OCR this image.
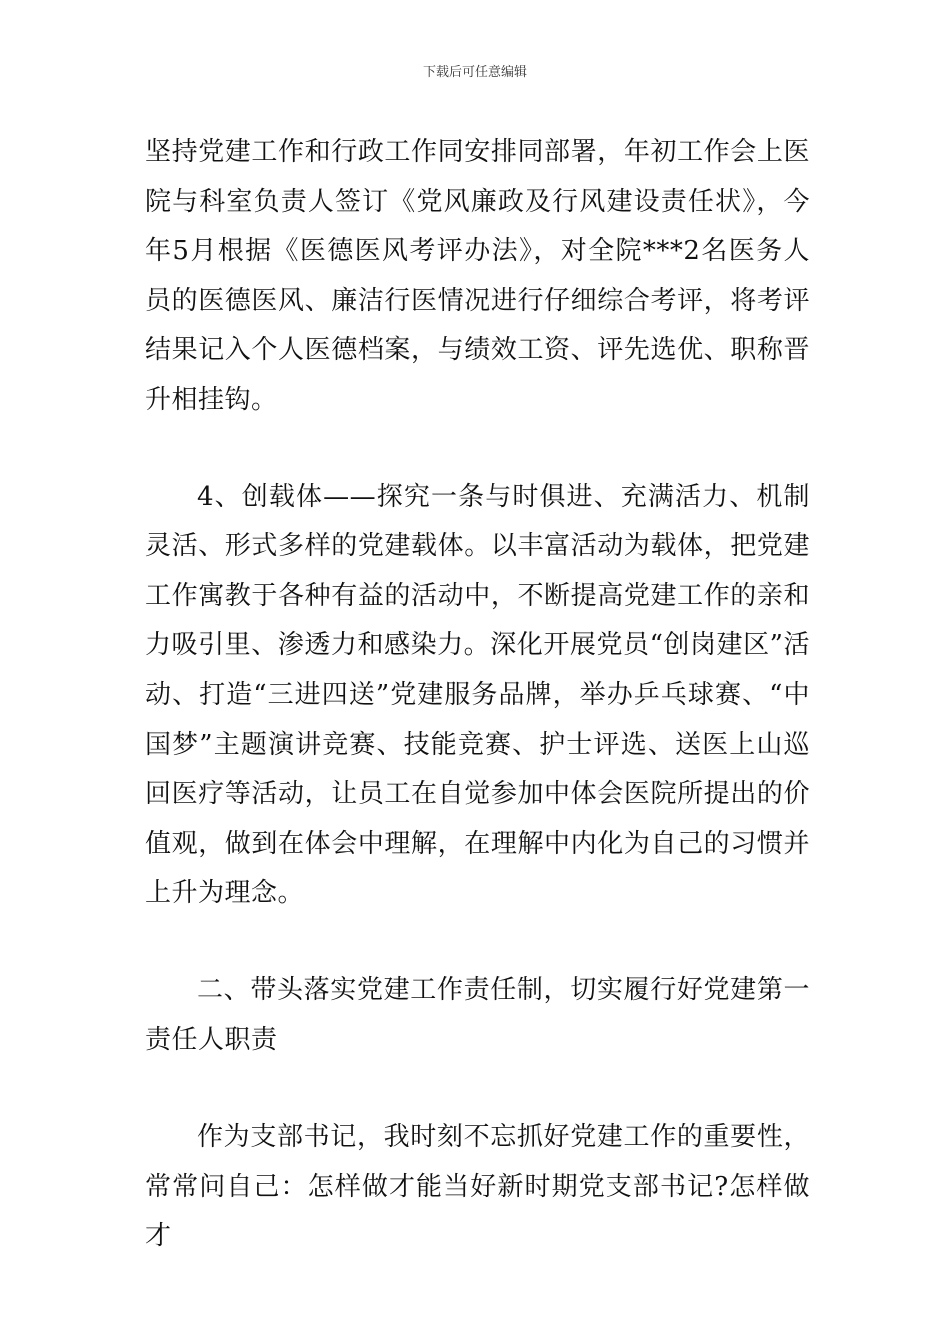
下载后可任意编辑

坚持党建工作和行政工作同安排同部署，年初工作会上医院与科室负责人签订《党风廉政及行风建设责任状》，今年5月根据《医德医风考评办法》，对全院***2名医务人员的医德医风、廉洁行医情况进行仔细综合考评，将考评结果记入个人医德档案，与绩效工资、评先选优、职称晋升相挂钩。

4、创载体——探究一条与时俱进、充满活力、机制灵活、形式多样的党建载体。以丰富活动为载体，把党建工作寓教于各种有益的活动中，不断提高党建工作的亲和力吸引里、渗透力和感染力。深化开展党员“创岗建区”活动、打造“三进四送”党建服务品牌，举办乒乓球赛、“中国梦”主题演讲竞赛、技能竞赛、护士评选、送医上山巡回医疗等活动，让员工在自觉参加中体会医院所提出的价值观，做到在体会中理解，在理解中内化为自己的习惯并上升为理念。

二、带头落实党建工作责任制，切实履行好党建第一责任人职责

作为支部书记，我时刻不忘抓好党建工作的重要性，常常问自己：怎样做才能当好新时期党支部书记?怎样做才
